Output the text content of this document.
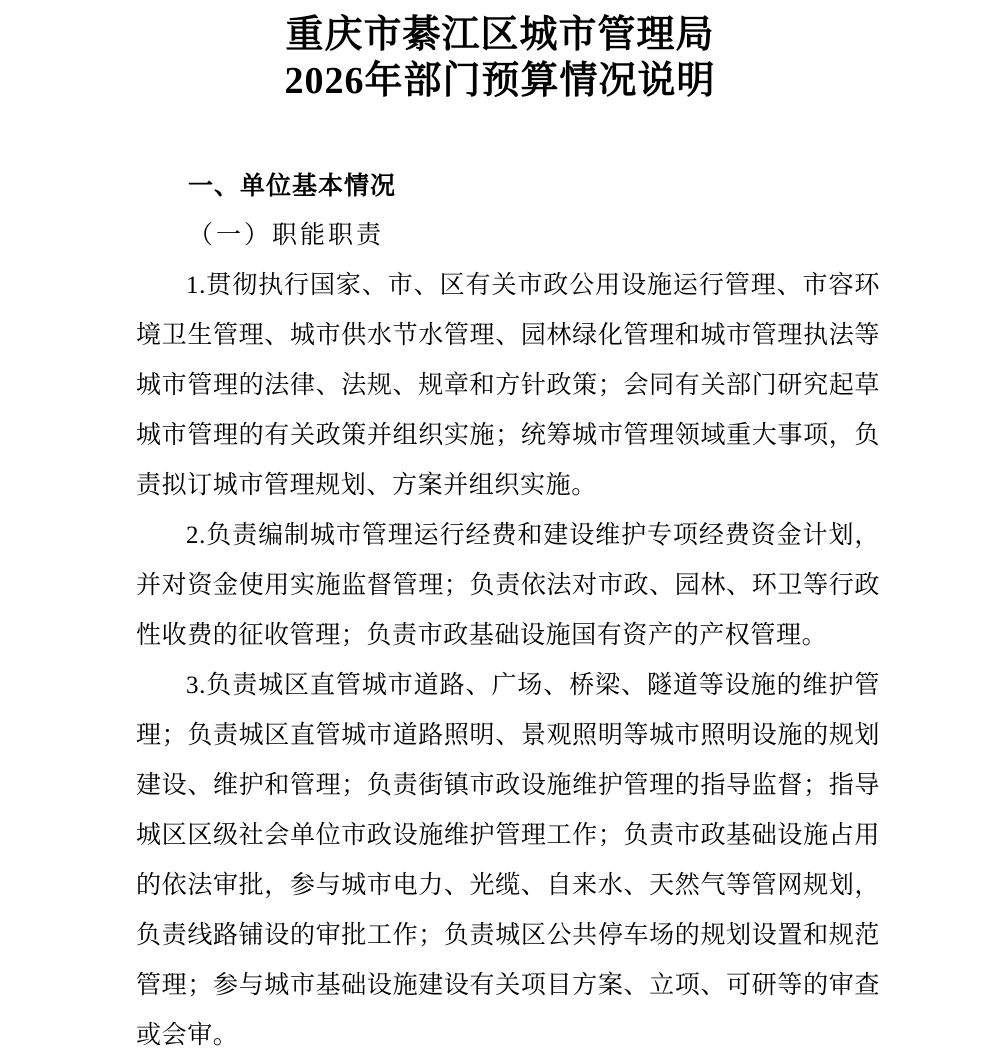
重庆市綦江区城市管理局
2026年部门预算情况说明
一、单位基本情况
（一）职能职责

1.贯彻执行国家、市、区有关市政公用设施运行管理、市容环境卫生管理、城市供水节水管理、园林绿化管理和城市管理执法等城市管理的法律、法规、规章和方针政策；会同有关部门研究起草城市管理的有关政策并组织实施；统筹城市管理领域重大事项，负责拟订城市管理规划、方案并组织实施。

2.负责编制城市管理运行经费和建设维护专项经费资金计划，并对资金使用实施监督管理；负责依法对市政、园林、环卫等行政性收费的征收管理；负责市政基础设施国有资产的产权管理。

3.负责城区直管城市道路、广场、桥梁、隧道等设施的维护管理；负责城区直管城市道路照明、景观照明等城市照明设施的规划建设、维护和管理；负责街镇市政设施维护管理的指导监督；指导城区区级社会单位市政设施维护管理工作；负责市政基础设施占用的依法审批，参与城市电力、光缆、自来水、天然气等管网规划，负责线路铺设的审批工作；负责城区公共停车场的规划设置和规范管理；参与城市基础设施建设有关项目方案、立项、可研等的审查或会审。
